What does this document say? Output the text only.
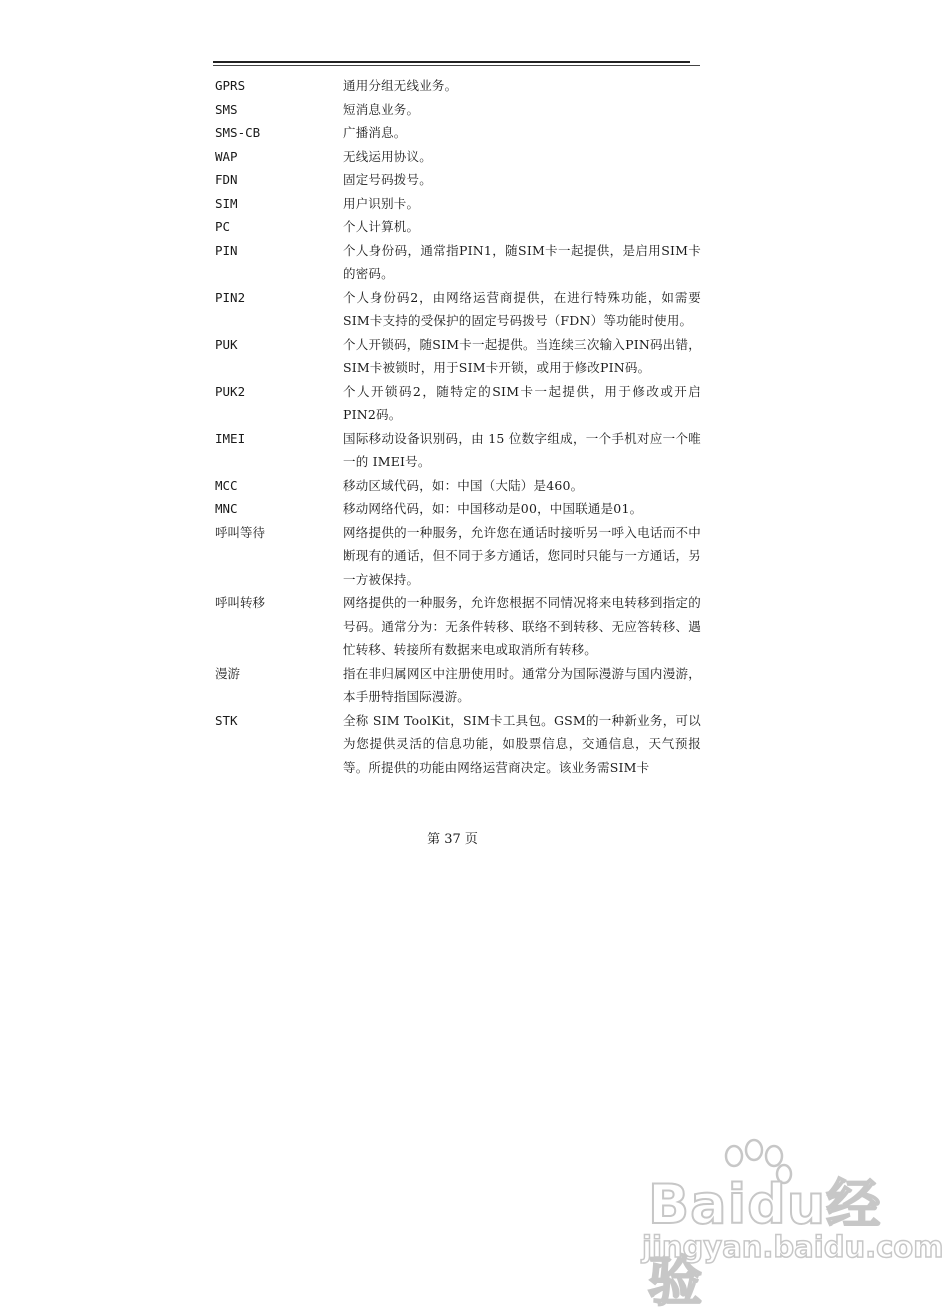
GPRS	通用分组无线业务。
SMS	短消息业务。
SMS-CB	广播消息。
WAP	无线运用协议。
FDN	固定号码拨号。
SIM	用户识别卡。
PC	个人计算机。
PIN	个人身份码，通常指PIN1，随SIM卡一起提供，是启用SIM卡的密码。
PIN2	个人身份码2，由网络运营商提供，在进行特殊功能，如需要 SIM卡支持的受保护的固定号码拨号（FDN）等功能时使用。
PUK	个人开锁码，随SIM卡一起提供。当连续三次输入PIN码出错，SIM卡被锁时，用于SIM卡开锁，或用于修改PIN码。
PUK2	个人开锁码2，随特定的SIM卡一起提供，用于修改或开启PIN2码。
IMEI	国际移动设备识别码，由 15 位数字组成，一个手机对应一个唯一的 IMEI号。
MCC	移动区域代码，如：中国（大陆）是460。
MNC	移动网络代码，如：中国移动是00，中国联通是01。
呼叫等待	网络提供的一种服务，允许您在通话时接听另一呼入电话而不中断现有的通话，但不同于多方通话，您同时只能与一方通话，另一方被保持。
呼叫转移	网络提供的一种服务，允许您根据不同情况将来电转移到指定的号码。通常分为：无条件转移、联络不到转移、无应答转移、遇忙转移、转接所有数据来电或取消所有转移。
漫游	指在非归属网区中注册使用时。通常分为国际漫游与国内漫游，本手册特指国际漫游。
STK	全称 SIM ToolKit，SIM卡工具包。GSM的一种新业务，可以为您提供灵活的信息功能，如股票信息，交通信息，天气预报等。所提供的功能由网络运营商决定。该业务需SIM卡
第 37 页
Baidu经验
jingyan.baidu.com
